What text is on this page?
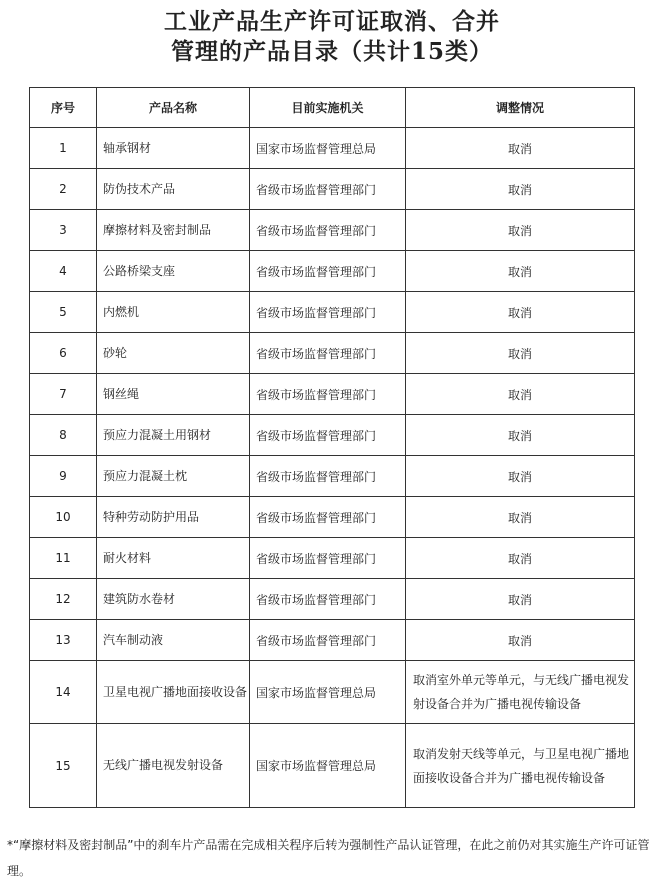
工业产品生产许可证取消、合并
管理的产品目录（共计15类）
序号	产品名称	目前实施机关	调整情况
1	轴承钢材	国家市场监督管理总局	取消
2	防伪技术产品	省级市场监督管理部门	取消
3	摩擦材料及密封制品	省级市场监督管理部门	取消
4	公路桥梁支座	省级市场监督管理部门	取消
5	内燃机	省级市场监督管理部门	取消
6	砂轮	省级市场监督管理部门	取消
7	钢丝绳	省级市场监督管理部门	取消
8	预应力混凝土用钢材	省级市场监督管理部门	取消
9	预应力混凝土枕	省级市场监督管理部门	取消
10	特种劳动防护用品	省级市场监督管理部门	取消
11	耐火材料	省级市场监督管理部门	取消
12	建筑防水卷材	省级市场监督管理部门	取消
13	汽车制动液	省级市场监督管理部门	取消
14	卫星电视广播地面接收设备	国家市场监督管理总局	取消室外单元等单元，与无线广播电视发射设备合并为广播电视传输设备
15	无线广播电视发射设备	国家市场监督管理总局	取消发射天线等单元，与卫星电视广播地面接收设备合并为广播电视传输设备
*“摩擦材料及密封制品”中的刹车片产品需在完成相关程序后转为强制性产品认证管理，在此之前仍对其实施生产许可证管理。
